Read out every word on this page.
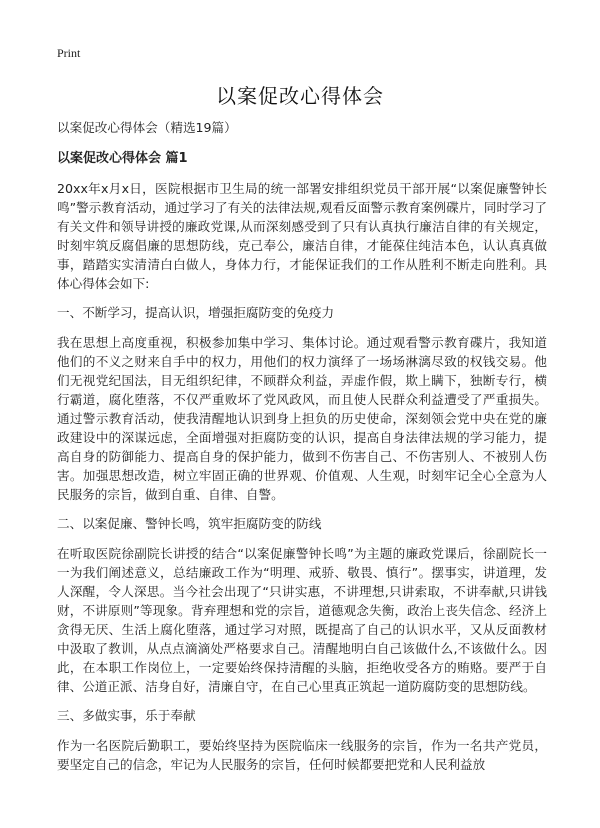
Print
以案促改心得体会

以案促改心得体会（精选19篇）

以案促改心得体会 篇1

20xx年x月x日，医院根据市卫生局的统一部署安排组织党员干部开展“以案促廉警钟长鸣”警示教育活动，通过学习了有关的法律法规,观看反面警示教育案例碟片，同时学习了有关文件和领导讲授的廉政党课,从而深刻感受到了只有认真执行廉洁自律的有关规定，时刻牢筑反腐倡廉的思想防线，克己奉公，廉洁自律，才能葆住纯洁本色，认认真真做事，踏踏实实清清白白做人，身体力行，才能保证我们的工作从胜利不断走向胜利。具体心得体会如下:

一、不断学习，提高认识，增强拒腐防变的免疫力

我在思想上高度重视，积极参加集中学习、集体讨论。通过观看警示教育碟片，我知道他们的不义之财来自手中的权力，用他们的权力演绎了一场场淋漓尽致的权钱交易。他们无视党纪国法，目无组织纪律，不顾群众利益，弄虚作假，欺上瞒下，独断专行，横行霸道，腐化堕落，不仅严重败坏了党风政风，而且使人民群众利益遭受了严重损失。通过警示教育活动，使我清醒地认识到身上担负的历史使命，深刻领会党中央在党的廉政建设中的深谋远虑，全面增强对拒腐防变的认识，提高自身法律法规的学习能力，提高自身的防御能力、提高自身的保护能力，做到不伤害自己、不伤害别人、不被别人伤害。加强思想改造，树立牢固正确的世界观、价值观、人生观，时刻牢记全心全意为人民服务的宗旨，做到自重、自律、自警。

二、以案促廉、警钟长鸣，筑牢拒腐防变的防线

在听取医院徐副院长讲授的结合“以案促廉警钟长鸣”为主题的廉政党课后，徐副院长一一为我们阐述意义，总结廉政工作为“明理、戒骄、敬畏、慎行”。摆事实，讲道理，发人深醒，令人深思。当今社会出现了“只讲实惠，不讲理想,只讲索取，不讲奉献,只讲钱财，不讲原则”等现象。背弃理想和党的宗旨，道德观念失衡，政治上丧失信念、经济上贪得无厌、生活上腐化堕落，通过学习对照，既提高了自己的认识水平，又从反面教材中汲取了教训，从点点滴滴处严格要求自己。清醒地明白自己该做什么,不该做什么。因此，在本职工作岗位上，一定要始终保持清醒的头脑，拒绝收受各方的贿赂。要严于自律、公道正派、洁身自好，清廉自守，在自己心里真正筑起一道防腐防变的思想防线。

三、多做实事，乐于奉献

作为一名医院后勤职工，要始终坚持为医院临床一线服务的宗旨，作为一名共产党员，要坚定自己的信念，牢记为人民服务的宗旨，任何时候都要把党和人民利益放
